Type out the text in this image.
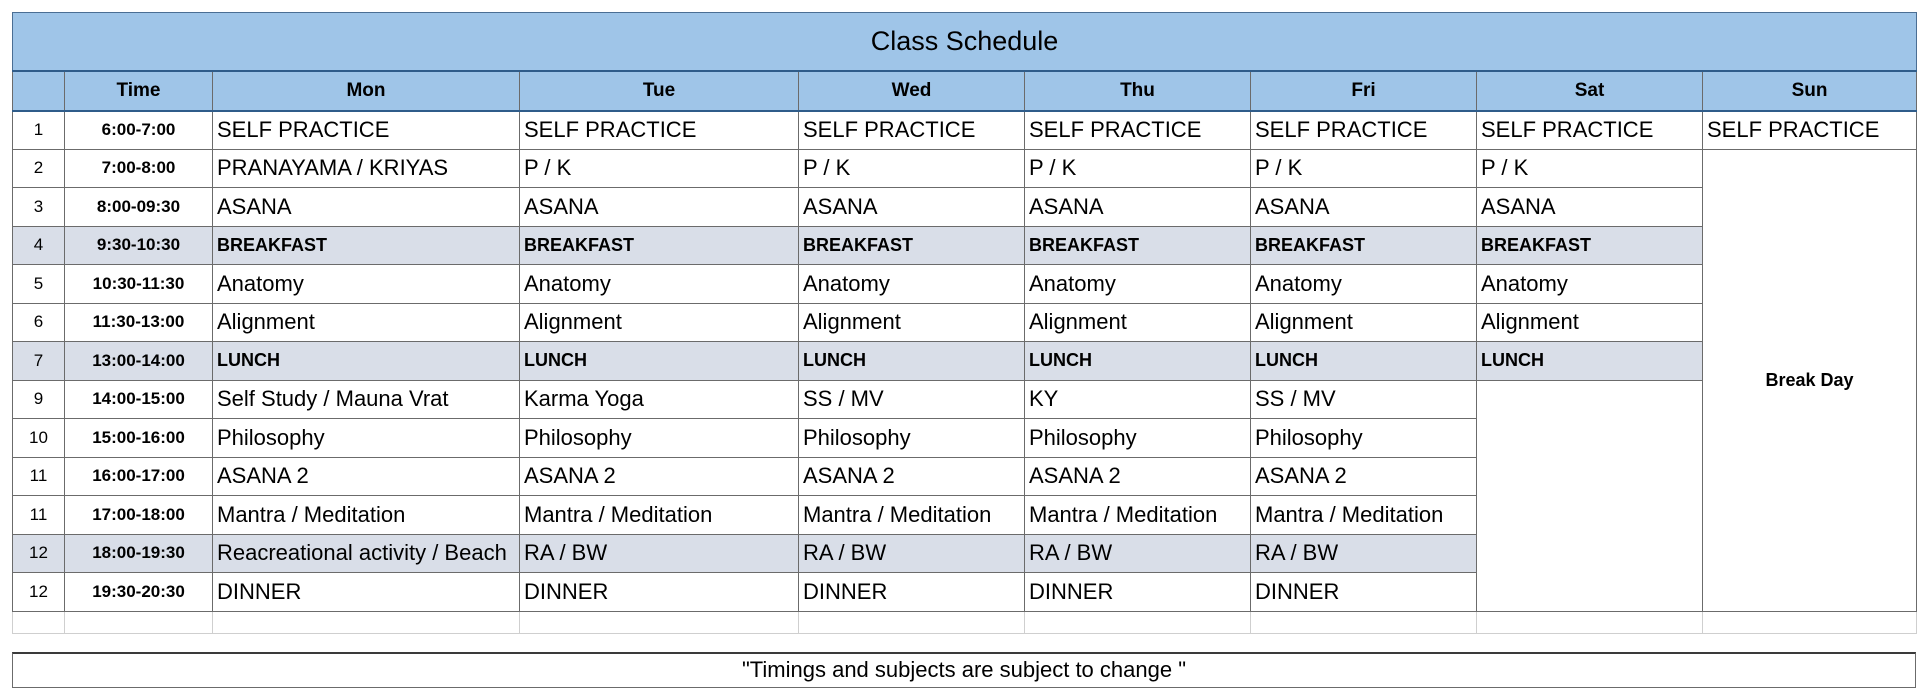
Class Schedule								
	Time	Mon	Tue	Wed	Thu	Fri	Sat	Sun
1	6:00-7:00	SELF PRACTICE	SELF PRACTICE	SELF PRACTICE	SELF PRACTICE	SELF PRACTICE	SELF PRACTICE	SELF PRACTICE
2	7:00-8:00	PRANAYAMA / KRIYAS	P / K	P / K	P / K	P / K	P / K	Break Day
3	8:00-09:30	ASANA	ASANA	ASANA	ASANA	ASANA	ASANA	
4	9:30-10:30	BREAKFAST	BREAKFAST	BREAKFAST	BREAKFAST	BREAKFAST	BREAKFAST	
5	10:30-11:30	Anatomy	Anatomy	Anatomy	Anatomy	Anatomy	Anatomy	
6	11:30-13:00	Alignment	Alignment	Alignment	Alignment	Alignment	Alignment	
7	13:00-14:00	LUNCH	LUNCH	LUNCH	LUNCH	LUNCH	LUNCH	
9	14:00-15:00	Self Study / Mauna Vrat	Karma Yoga	SS / MV	KY	SS / MV		
10	15:00-16:00	Philosophy	Philosophy	Philosophy	Philosophy	Philosophy		
11	16:00-17:00	ASANA 2	ASANA 2	ASANA 2	ASANA 2	ASANA 2		
11	17:00-18:00	Mantra / Meditation	Mantra / Meditation	Mantra / Meditation	Mantra / Meditation	Mantra / Meditation		
12	18:00-19:30	Reacreational activity / Beach	RA / BW	RA / BW	RA / BW	RA / BW		
12	19:30-20:30	DINNER	DINNER	DINNER	DINNER	DINNER		

"Timings and subjects are subject to change "
